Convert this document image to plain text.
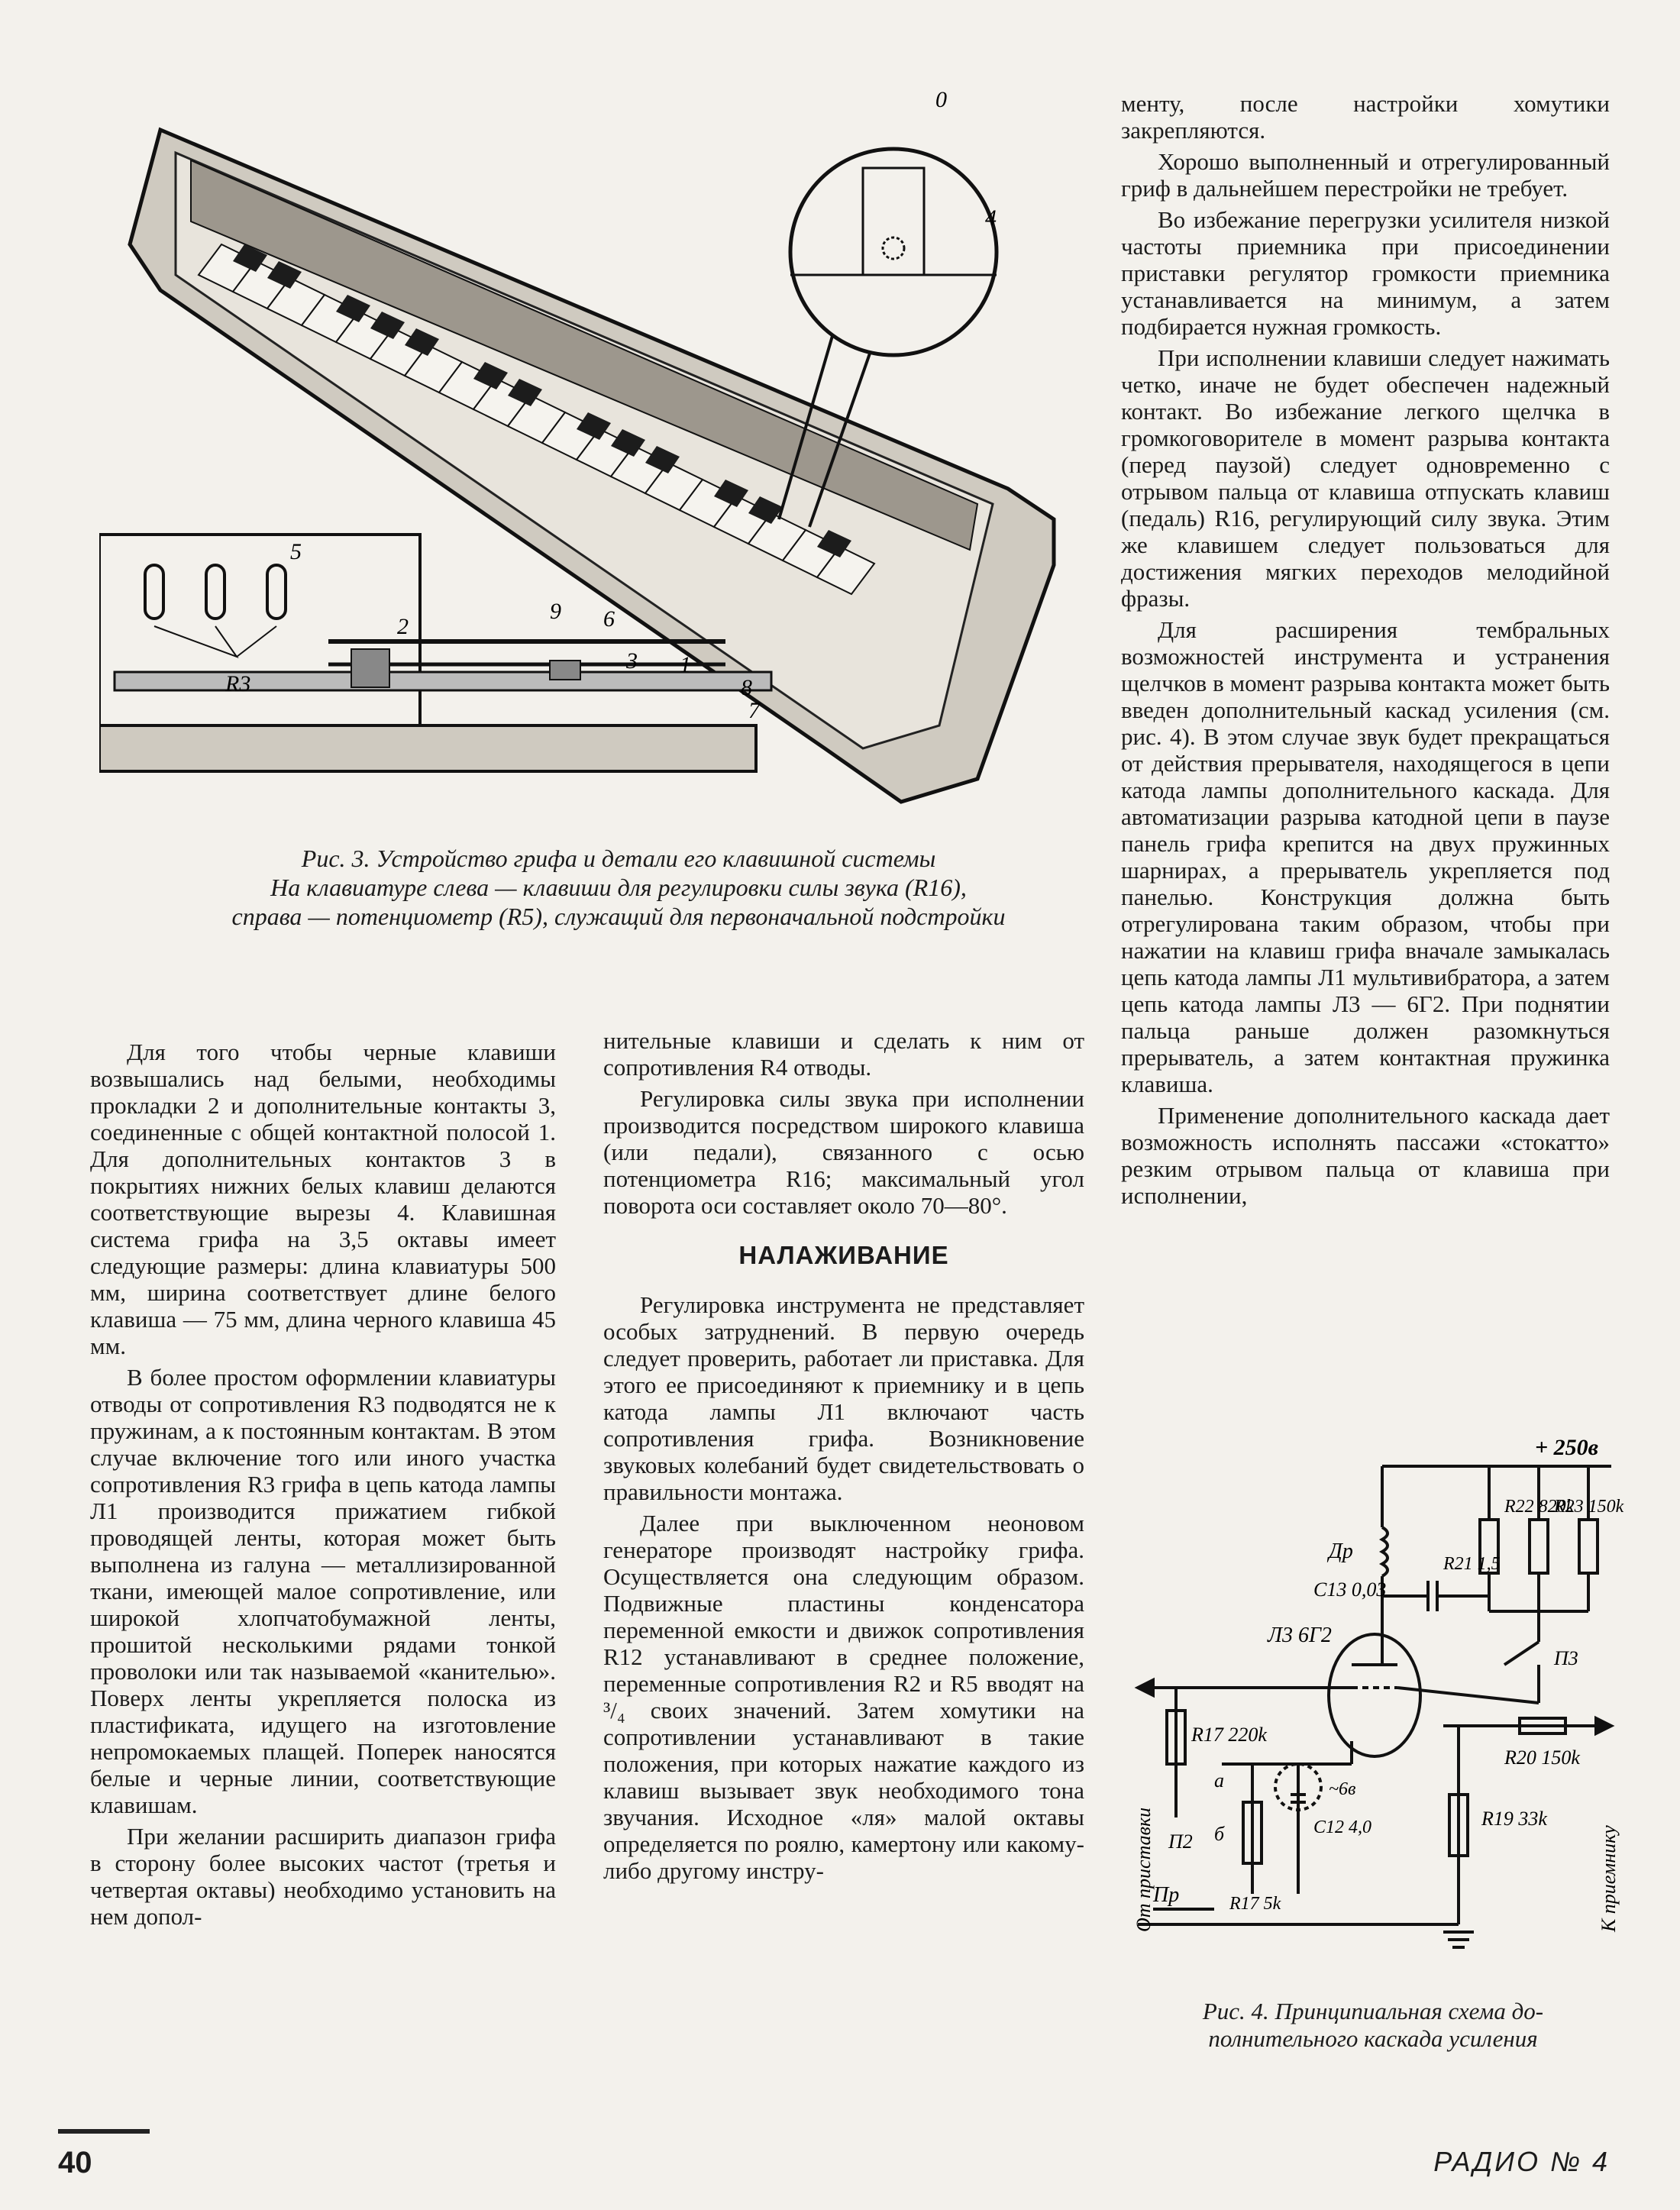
5
R3
2
9 6
3 1
8
7
0
4
Рис. 3. Устройство грифа и детали его клавишной системы
На клавиатуре слева — клавиши для регулировки силы звука (R16),
справа — потенциометр (R5), служащий для первоначальной подстройки

Для того чтобы черные клавиши возвышались над белыми, необходимы прокладки 2 и дополнительные контакты 3, соединенные с общей контактной полосой 1. Для дополнительных контактов 3 в покрытиях нижних белых клавиш делаются соответствующие вырезы 4. Клавишная система грифа на 3,5 октавы имеет следующие размеры: длина клавиатуры 500 мм, ширина соответствует длине белого клавиша — 75 мм, длина черного клавиша 45 мм.

В более простом оформлении клавиатуры отводы от сопротивления R3 подводятся не к пружинам, а к постоянным контактам. В этом случае включение того или иного участка сопротивления R3 грифа в цепь катода лампы Л1 производится прижатием гибкой проводящей ленты, которая может быть выполнена из галуна — металлизированной ткани, имеющей малое сопротивление, или широкой хлопчатобумажной ленты, прошитой несколькими рядами тонкой проволоки или так называемой «канителью». Поверх ленты укрепляется полоска из пластификата, идущего на изготовление непромокаемых плащей. Поперек наносятся белые и черные линии, соответствующие клавишам.

При желании расширить диапазон грифа в сторону более высоких частот (третья и четвертая октавы) необходимо установить на нем допол-

нительные клавиши и сделать к ним от сопротивления R4 отводы.

Регулировка силы звука при исполнении производится посредством широкого клавиша (или педали), связанного с осью потенциометра R16; максимальный угол поворота оси составляет около 70—80°.

НАЛАЖИВАНИЕ

Регулировка инструмента не представляет особых затруднений. В первую очередь следует проверить, работает ли приставка. Для этого ее присоединяют к приемнику и в цепь катода лампы Л1 включают часть сопротивления грифа. Возникновение звуковых колебаний будет свидетельствовать о правильности монтажа.

Далее при выключенном неоновом генераторе производят настройку грифа. Осуществляется она следующим образом. Подвижные пластины конденсатора переменной емкости и движок сопротивления R12 устанавливают в среднее положение, переменные сопротивления R2 и R5 вводят на ³/₄ своих значений. Затем хомутики на сопротивлении устанавливают в такие положения, при которых нажатие каждого из клавиш вызывает звук необходимого тона звучания. Исходное «ля» малой октавы определяется по роялю, камертону или какому-либо другому инстру-

менту, после настройки хомутики закрепляются.

Хорошо выполненный и отрегулированный гриф в дальнейшем перестройки не требует.

Во избежание перегрузки усилителя низкой частоты приемника при присоединении приставки регулятор громкости приемника устанавливается на минимум, а затем подбирается нужная громкость.

При исполнении клавиши следует нажимать четко, иначе не будет обеспечен надежный контакт. Во избежание легкого щелчка в громкоговорителе в момент разрыва контакта (перед паузой) следует одновременно с отрывом пальца от клавиша отпускать клавиш (педаль) R16, регулирующий силу звука. Этим же клавишем следует пользоваться для достижения мягких переходов мелодийной фразы.

Для расширения тембральных возможностей инструмента и устранения щелчков в момент разрыва контакта может быть введен дополнительный каскад усиления (см. рис. 4). В этом случае звук будет прекращаться от действия прерывателя, находящегося в цепи катода лампы дополнительного каскада. Для автоматизации разрыва катодной цепи в паузе панель грифа крепится на двух пружинных шарнирах, а прерыватель укрепляется под панелью. Конструкция должна быть отрегулирована таким образом, чтобы при нажатии на клавиш грифа вначале замыкалась цепь катода лампы Л1 мультивибратора, а затем цепь катода лампы Л3 — 6Г2. При поднятии пальца раньше должен разомкнуться прерыватель, а затем контактная пружинка клавиша.

Применение дополнительного каскада дает возможность исполнять пассажи «стокатто» резким отрывом пальца от клавиша при исполнении,

+ 250в
Др
C13 0,03
Л3 6Г2
R21 1,5
R22 820k
R23 150k
П3
R17 220k
а
б
П2
R17 5k
C12 4,0
~6в
R20 150k
R19 33k
Пр
От приставки	К приемнику
Рис. 4. Принципиальная схема до-
полнительного каскада усиления
40	РАДИО № 4
